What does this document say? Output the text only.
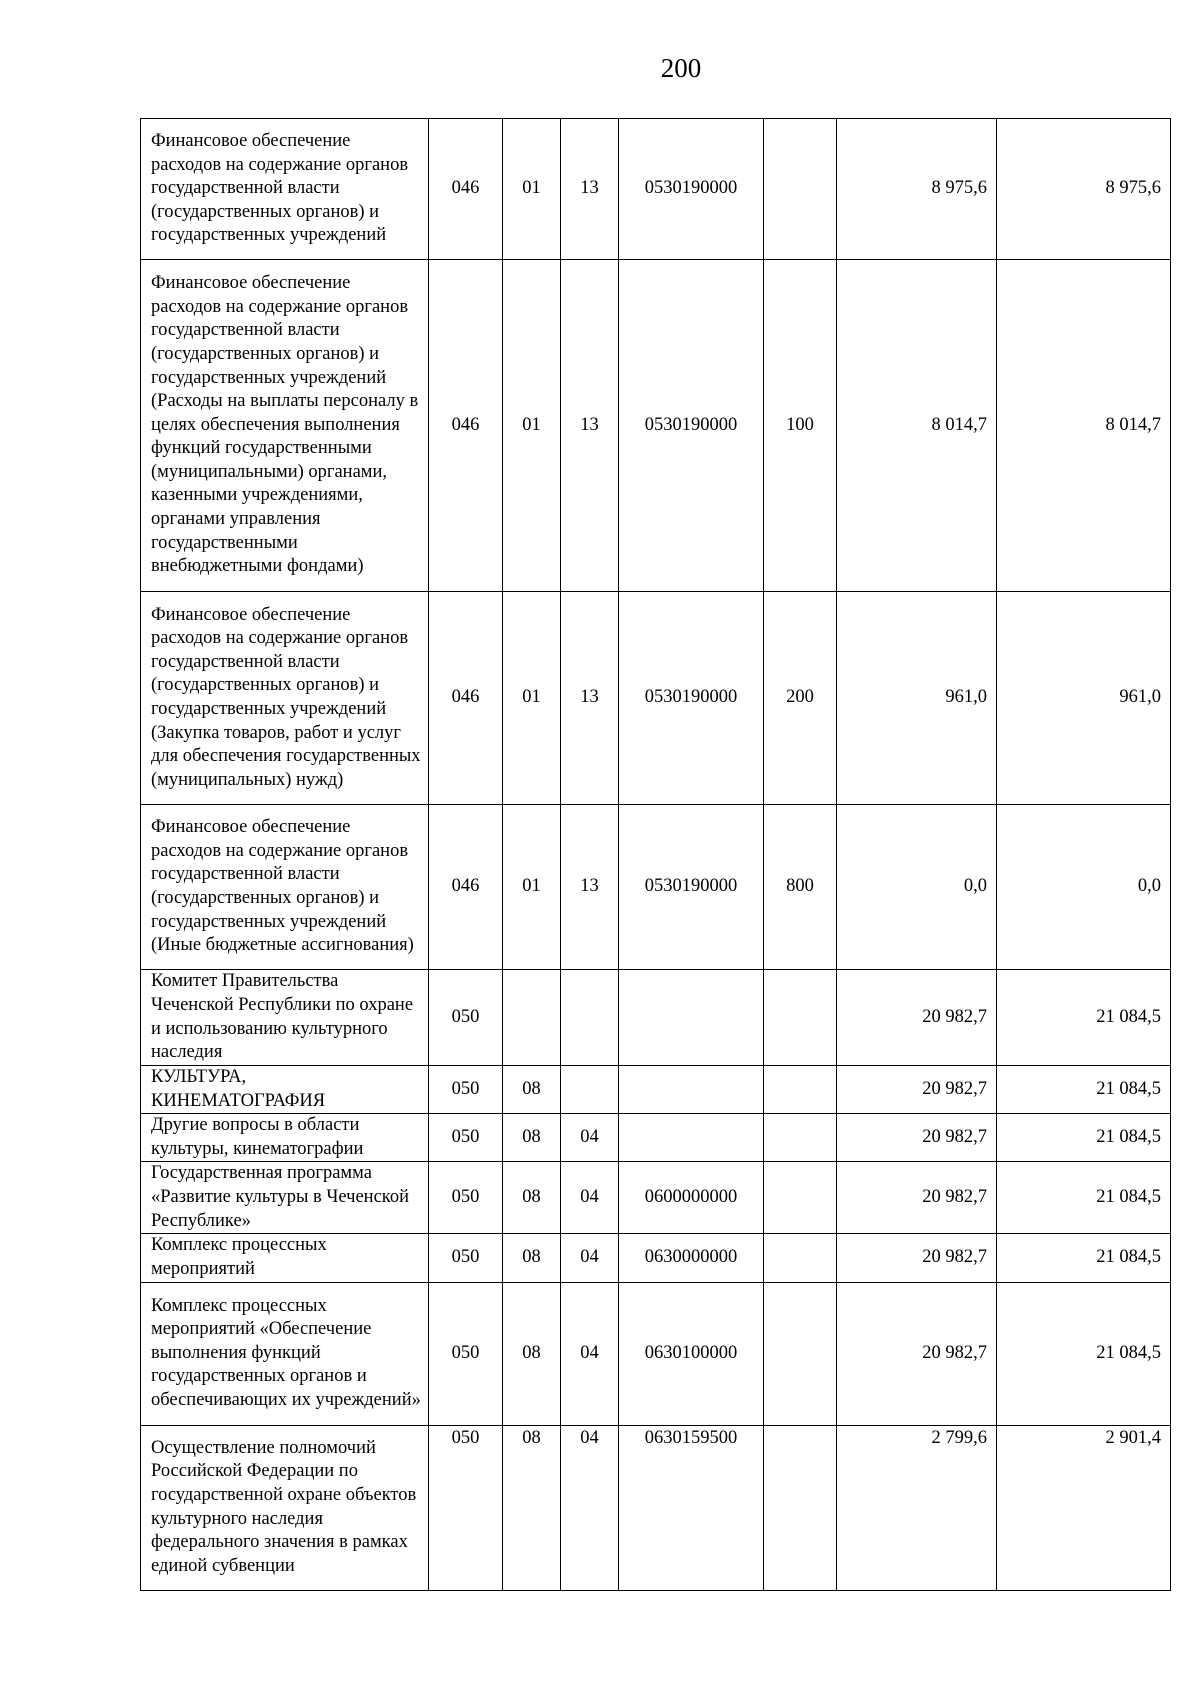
200
Финансовое обеспечение расходов на содержание органов государственной власти (государственных органов) и государственных учреждений	046	01	13	0530190000		8 975,6	8 975,6
Финансовое обеспечение расходов на содержание органов государственной власти (государственных органов) и государственных учреждений (Расходы на выплаты персоналу в целях обеспечения выполнения функций государственными (муниципальными) органами, казенными учреждениями, органами управления государственными внебюджетными фондами)	046	01	13	0530190000	100	8 014,7	8 014,7
Финансовое обеспечение расходов на содержание органов государственной власти (государственных органов) и государственных учреждений (Закупка товаров, работ и услуг для обеспечения государственных (муниципальных) нужд)	046	01	13	0530190000	200	961,0	961,0
Финансовое обеспечение расходов на содержание органов государственной власти (государственных органов) и государственных учреждений (Иные бюджетные ассигнования)	046	01	13	0530190000	800	0,0	0,0
Комитет Правительства Чеченской Республики по охране и использованию культурного наследия	050					20 982,7	21 084,5
КУЛЬТУРА, КИНЕМАТОГРАФИЯ	050	08				20 982,7	21 084,5
Другие вопросы в области культуры, кинематографии	050	08	04			20 982,7	21 084,5
Государственная программа «Развитие культуры в Чеченской Республике»	050	08	04	0600000000		20 982,7	21 084,5
Комплекс процессных мероприятий	050	08	04	0630000000		20 982,7	21 084,5
Комплекс процессных мероприятий «Обеспечение выполнения функций государственных органов и обеспечивающих их учреждений»	050	08	04	0630100000		20 982,7	21 084,5
Осуществление полномочий Российской Федерации по государственной охране объектов культурного наследия федерального значения в рамках единой субвенции	050	08	04	0630159500		2 799,6	2 901,4
